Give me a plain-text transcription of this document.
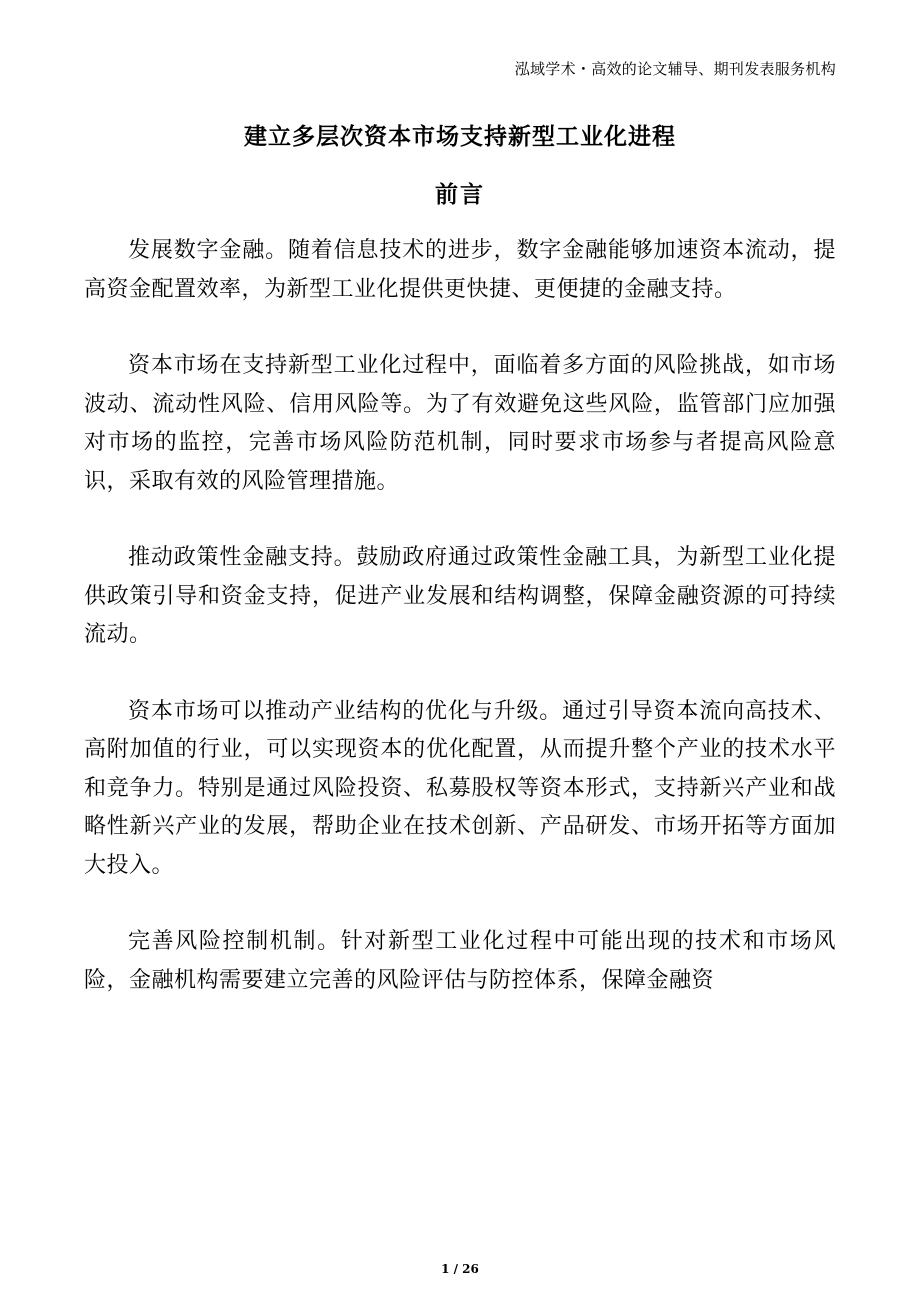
泓域学术・高效的论文辅导、期刊发表服务机构
建立多层次资本市场支持新型工业化进程
前言

发展数字金融。随着信息技术的进步，数字金融能够加速资本流动，提高资金配置效率，为新型工业化提供更快捷、更便捷的金融支持。

资本市场在支持新型工业化过程中，面临着多方面的风险挑战，如市场波动、流动性风险、信用风险等。为了有效避免这些风险，监管部门应加强对市场的监控，完善市场风险防范机制，同时要求市场参与者提高风险意识，采取有效的风险管理措施。

推动政策性金融支持。鼓励政府通过政策性金融工具，为新型工业化提供政策引导和资金支持，促进产业发展和结构调整，保障金融资源的可持续流动。

资本市场可以推动产业结构的优化与升级。通过引导资本流向高技术、高附加值的行业，可以实现资本的优化配置，从而提升整个产业的技术水平和竞争力。特别是通过风险投资、私募股权等资本形式，支持新兴产业和战略性新兴产业的发展，帮助企业在技术创新、产品研发、市场开拓等方面加大投入。

完善风险控制机制。针对新型工业化过程中可能出现的技术和市场风险，金融机构需要建立完善的风险评估与防控体系，保障金融资

1 / 26
